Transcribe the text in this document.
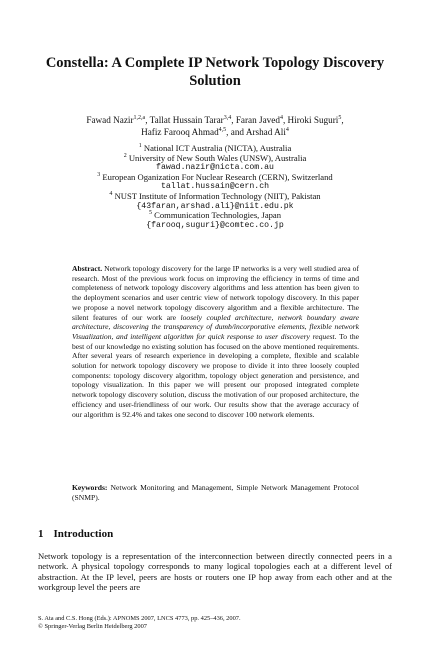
Constella: A Complete IP Network Topology Discovery
Solution
Fawad Nazir$^{1,2,a}$, Tallat Hussain Tarar$^{3,4}$, Faran Javed$^4$, Hiroki Suguri$^5$,
Hafiz Farooq Ahmad$^{4,5}$, and Arshad Ali$^4$
$^1$ National ICT Australia (NICTA), Australia
$^2$ University of New South Wales (UNSW), Australia
fawad.nazir@nicta.com.au
$^3$ European Oganization For Nuclear Research (CERN), Switzerland
tallat.hussain@cern.ch
$^4$ NUST Institute of Information Technology (NIIT), Pakistan
{43faran,arshad.ali}@niit.edu.pk
$^5$ Communication Technologies, Japan
{farooq,suguri}@comtec.co.jp
Abstract. Network topology discovery for the large IP networks is a very well studied area of research. Most of the previous work focus on improving the efficiency in terms of time and completeness of network topology discovery algorithms and less attention has been given to the deployment scenarios and user centric view of network topology discovery. In this paper we propose a novel network topology discovery algorithm and a flexible architecture. The silent features of our work are loosely coupled architecture, network boundary aware architecture, discovering the transparency of dumb/incorporative elements, flexible network Visualization, and intelligent algorithm for quick response to user discovery request. To the best of our knowledge no existing solution has focused on the above mentioned requirements. After several years of research experience in developing a complete, flexible and scalable solution for network topology discovery we propose to divide it into three loosely coupled components: topology discovery algorithm, topology object generation and persistence, and topology visualization. In this paper we will present our proposed integrated complete network topology discovery solution, discuss the motivation of our proposed architecture, the efficiency and user-friendliness of our work. Our results show that the average accuracy of our algorithm is 92.4% and takes one second to discover 100 network elements.
Keywords: Network Monitoring and Management, Simple Network Management Protocol (SNMP).
1 Introduction
Network topology is a representation of the interconnection between directly connected peers in a network. A physical topology corresponds to many logical topologies each at a different level of abstraction. At the IP level, peers are hosts or routers one IP hop away from each other and at the workgroup level the peers are
S. Ata and C.S. Hong (Eds.): APNOMS 2007, LNCS 4773, pp. 425–436, 2007.
© Springer-Verlag Berlin Heidelberg 2007
